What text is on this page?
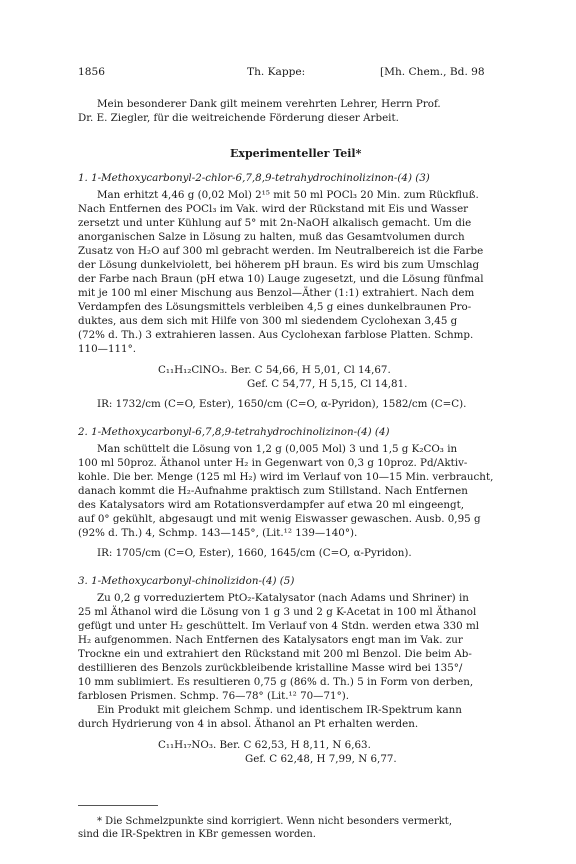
1856	Th. Kappe:	[Mh. Chem., Bd. 98
Mein besonderer Dank gilt meinem verehrten Lehrer, Herrn Prof.
Dr. E. Ziegler, für die weitreichende Förderung dieser Arbeit.
Experimenteller Teil*
1. 1-Methoxycarbonyl-2-chlor-6,7,8,9-tetrahydrochinolizinon-(4) (3)
Man erhitzt 4,46 g (0,02 Mol) 2¹⁵ mit 50 ml POCl₃ 20 Min. zum Rückfluß.
Nach Entfernen des POCl₃ im Vak. wird der Rückstand mit Eis und Wasser
zersetzt und unter Kühlung auf 5° mit 2n-NaOH alkalisch gemacht. Um die
anorganischen Salze in Lösung zu halten, muß das Gesamtvolumen durch
Zusatz von H₂O auf 300 ml gebracht werden. Im Neutralbereich ist die Farbe
der Lösung dunkelviolett, bei höherem pH braun. Es wird bis zum Umschlag
der Farbe nach Braun (pH etwa 10) Lauge zugesetzt, und die Lösung fünfmal
mit je 100 ml einer Mischung aus Benzol—Äther (1:1) extrahiert. Nach dem
Verdampfen des Lösungsmittels verbleiben 4,5 g eines dunkelbraunen Pro-
duktes, aus dem sich mit Hilfe von 300 ml siedendem Cyclohexan 3,45 g
(72% d. Th.) 3 extrahieren lassen. Aus Cyclohexan farblose Platten. Schmp.
110—111°.
C₁₁H₁₂ClNO₃. Ber. C 54,66, H 5,01, Cl 14,67.
Gef. C 54,77, H 5,15, Cl 14,81.
IR: 1732/cm (C=O, Ester), 1650/cm (C=O, α-Pyridon), 1582/cm (C=C).
2. 1-Methoxycarbonyl-6,7,8,9-tetrahydrochinolizinon-(4) (4)
Man schüttelt die Lösung von 1,2 g (0,005 Mol) 3 und 1,5 g K₂CO₃ in
100 ml 50proz. Äthanol unter H₂ in Gegenwart von 0,3 g 10proz. Pd/Aktiv-
kohle. Die ber. Menge (125 ml H₂) wird im Verlauf von 10—15 Min. verbraucht,
danach kommt die H₂-Aufnahme praktisch zum Stillstand. Nach Entfernen
des Katalysators wird am Rotationsverdampfer auf etwa 20 ml eingeengt,
auf 0° gekühlt, abgesaugt und mit wenig Eiswasser gewaschen. Ausb. 0,95 g
(92% d. Th.) 4, Schmp. 143—145°, (Lit.¹² 139—140°).
IR: 1705/cm (C=O, Ester), 1660, 1645/cm (C=O, α-Pyridon).
3. 1-Methoxycarbonyl-chinolizidon-(4) (5)
Zu 0,2 g vorreduziertem PtO₂-Katalysator (nach Adams und Shriner) in
25 ml Äthanol wird die Lösung von 1 g 3 und 2 g K-Acetat in 100 ml Äthanol
gefügt und unter H₂ geschüttelt. Im Verlauf von 4 Stdn. werden etwa 330 ml
H₂ aufgenommen. Nach Entfernen des Katalysators engt man im Vak. zur
Trockne ein und extrahiert den Rückstand mit 200 ml Benzol. Die beim Ab-
destillieren des Benzols zurückbleibende kristalline Masse wird bei 135°/
10 mm sublimiert. Es resultieren 0,75 g (86% d. Th.) 5 in Form von derben,
farblosen Prismen. Schmp. 76—78° (Lit.¹² 70—71°).
Ein Produkt mit gleichem Schmp. und identischem IR-Spektrum kann
durch Hydrierung von 4 in absol. Äthanol an Pt erhalten werden.
C₁₁H₁₇NO₃. Ber. C 62,53, H 8,11, N 6,63.
Gef. C 62,48, H 7,99, N 6,77.
* Die Schmelzpunkte sind korrigiert. Wenn nicht besonders vermerkt,
sind die IR-Spektren in KBr gemessen worden.
